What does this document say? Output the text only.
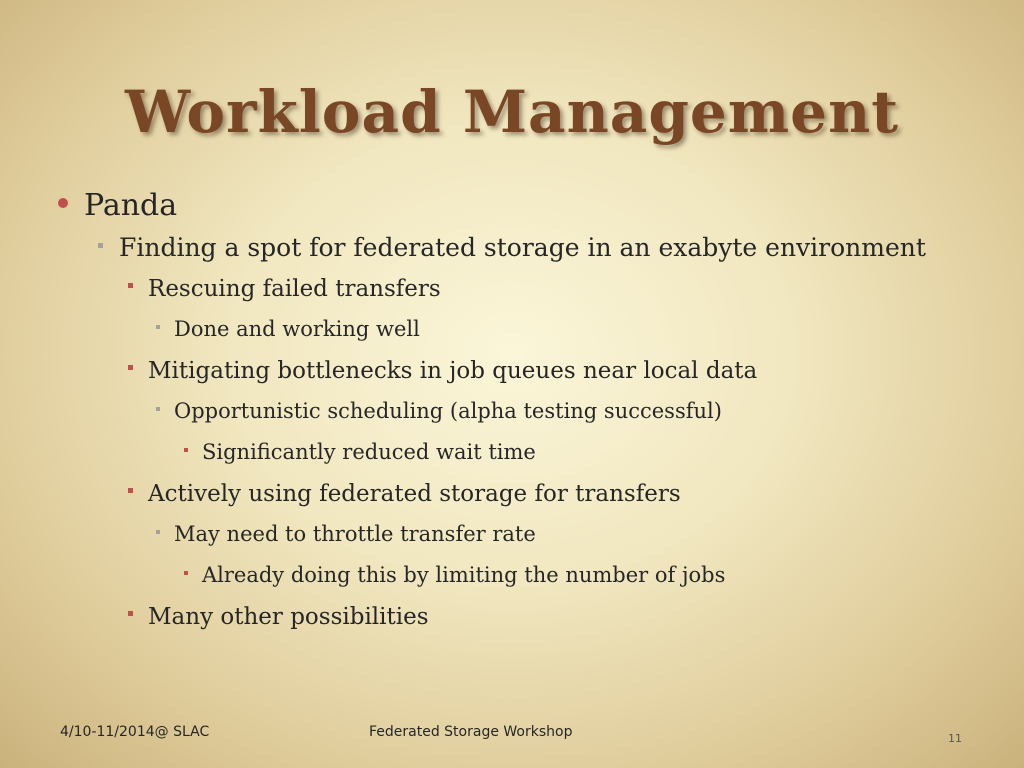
Workload Management
Panda
Finding a spot for federated storage in an exabyte environment
Rescuing failed transfers
Done and working well
Mitigating bottlenecks in job queues near local data
Opportunistic scheduling (alpha testing successful)
Significantly reduced wait time
Actively using federated storage for transfers
May need to throttle transfer rate
Already doing this by limiting the number of jobs
Many other possibilities
4/10-11/2014@ SLAC	Federated Storage Workshop	11
